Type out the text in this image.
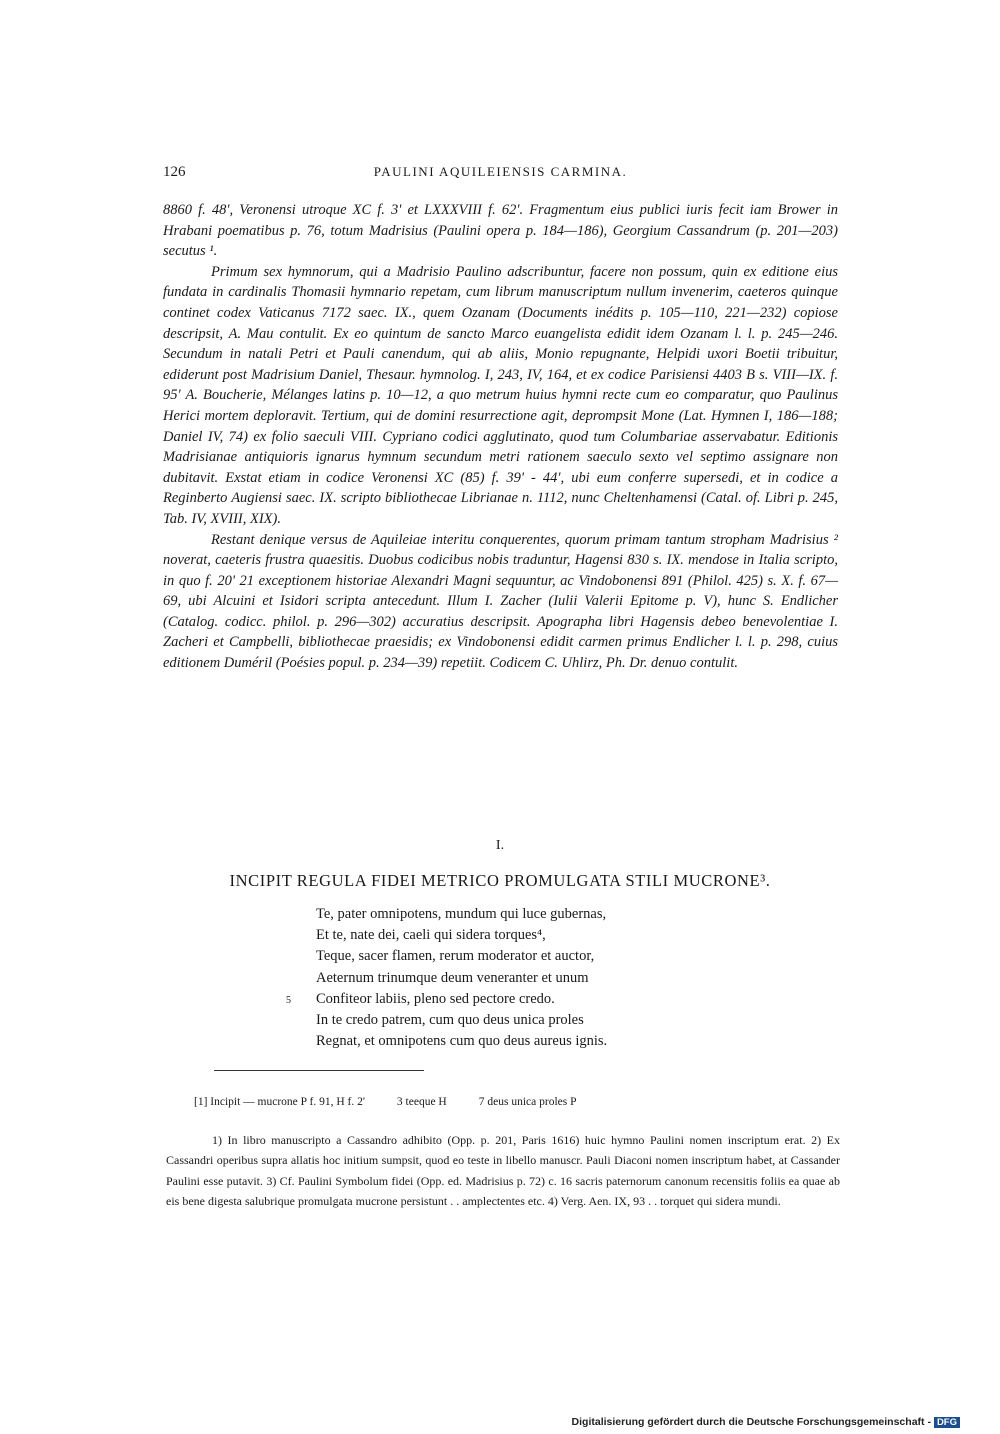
126	PAULINI AQUILEIENSIS CARMINA.

8860 f. 48', Veronensi utroque XC f. 3' et LXXXVIII f. 62'. Fragmentum eius publici iuris fecit iam Brower in Hrabani poematibus p. 76, totum Madrisius (Paulini opera p. 184—186), Georgium Cassandrum (p. 201—203) secutus ¹.

Primum sex hymnorum, qui a Madrisio Paulino adscribuntur, facere non possum, quin ex editione eius fundata in cardinalis Thomasii hymnario repetam, cum librum manuscriptum nullum invenerim, caeteros quinque continet codex Vaticanus 7172 saec. IX., quem Ozanam (Documents inédits p. 105—110, 221—232) copiose descripsit, A. Mau contulit. Ex eo quintum de sancto Marco euangelista edidit idem Ozanam l. l. p. 245—246. Secundum in natali Petri et Pauli canendum, qui ab aliis, Monio repugnante, Helpidi uxori Boetii tribuitur, ediderunt post Madrisium Daniel, Thesaur. hymnolog. I, 243, IV, 164, et ex codice Parisiensi 4403 B s. VIII—IX. f. 95' A. Boucherie, Mélanges latins p. 10—12, a quo metrum huius hymni recte cum eo comparatur, quo Paulinus Herici mortem deploravit. Tertium, qui de domini resurrectione agit, deprompsit Mone (Lat. Hymnen I, 186—188; Daniel IV, 74) ex folio saeculi VIII. Cypriano codici agglutinato, quod tum Columbariae asservabatur. Editionis Madrisianae antiquioris ignarus hymnum secundum metri rationem saeculo sexto vel septimo assignare non dubitavit. Exstat etiam in codice Veronensi XC (85) f. 39' - 44', ubi eum conferre supersedi, et in codice a Reginberto Augiensi saec. IX. scripto bibliothecae Librianae n. 1112, nunc Cheltenhamensi (Catal. of. Libri p. 245, Tab. IV, XVIII, XIX).

Restant denique versus de Aquileiae interitu conquerentes, quorum primam tantum stropham Madrisius ² noverat, caeteris frustra quaesitis. Duobus codicibus nobis traduntur, Hagensi 830 s. IX. mendose in Italia scripto, in quo f. 20' 21 exceptionem historiae Alexandri Magni sequuntur, ac Vindobonensi 891 (Philol. 425) s. X. f. 67—69, ubi Alcuini et Isidori scripta antecedunt. Illum I. Zacher (Iulii Valerii Epitome p. V), hunc S. Endlicher (Catalog. codicc. philol. p. 296—302) accuratius descripsit. Apographa libri Hagensis debeo benevolentiae I. Zacheri et Campbelli, bibliothecae praesidis; ex Vindobonensi edidit carmen primus Endlicher l. l. p. 298, cuius editionem Duméril (Poésies popul. p. 234—39) repetiit. Codicem C. Uhlirz, Ph. Dr. denuo contulit.

I.
INCIPIT REGULA FIDEI METRICO PROMULGATA STILI MUCRONE³.
Te, pater omnipotens, mundum qui luce gubernas,
Et te, nate dei, caeli qui sidera torques⁴,
Teque, sacer flamen, rerum moderator et auctor,
Aeternum trinumque deum veneranter et unum
5 Confiteor labiis, pleno sed pectore credo.
In te credo patrem, cum quo deus unica proles
Regnat, et omnipotens cum quo deus aureus ignis.
[1] Incipit — mucrone P f. 91, H f. 2'	3 teeque H	7 deus unica proles P

1) In libro manuscripto a Cassandro adhibito (Opp. p. 201, Paris 1616) huic hymno Paulini nomen inscriptum erat. 2) Ex Cassandri operibus supra allatis hoc initium sumpsit, quod eo teste in libello manuscr. Pauli Diaconi nomen inscriptum habet, at Cassander Paulini esse putavit. 3) Cf. Paulini Symbolum fidei (Opp. ed. Madrisius p. 72) c. 16 sacris paternorum canonum recensitis foliis ea quae ab eis bene digesta salubrique promulgata mucrone persistunt . . amplectentes etc. 4) Verg. Aen. IX, 93 . . torquet qui sidera mundi.

Digitalisierung gefördert durch die Deutsche Forschungsgemeinschaft - DFG
